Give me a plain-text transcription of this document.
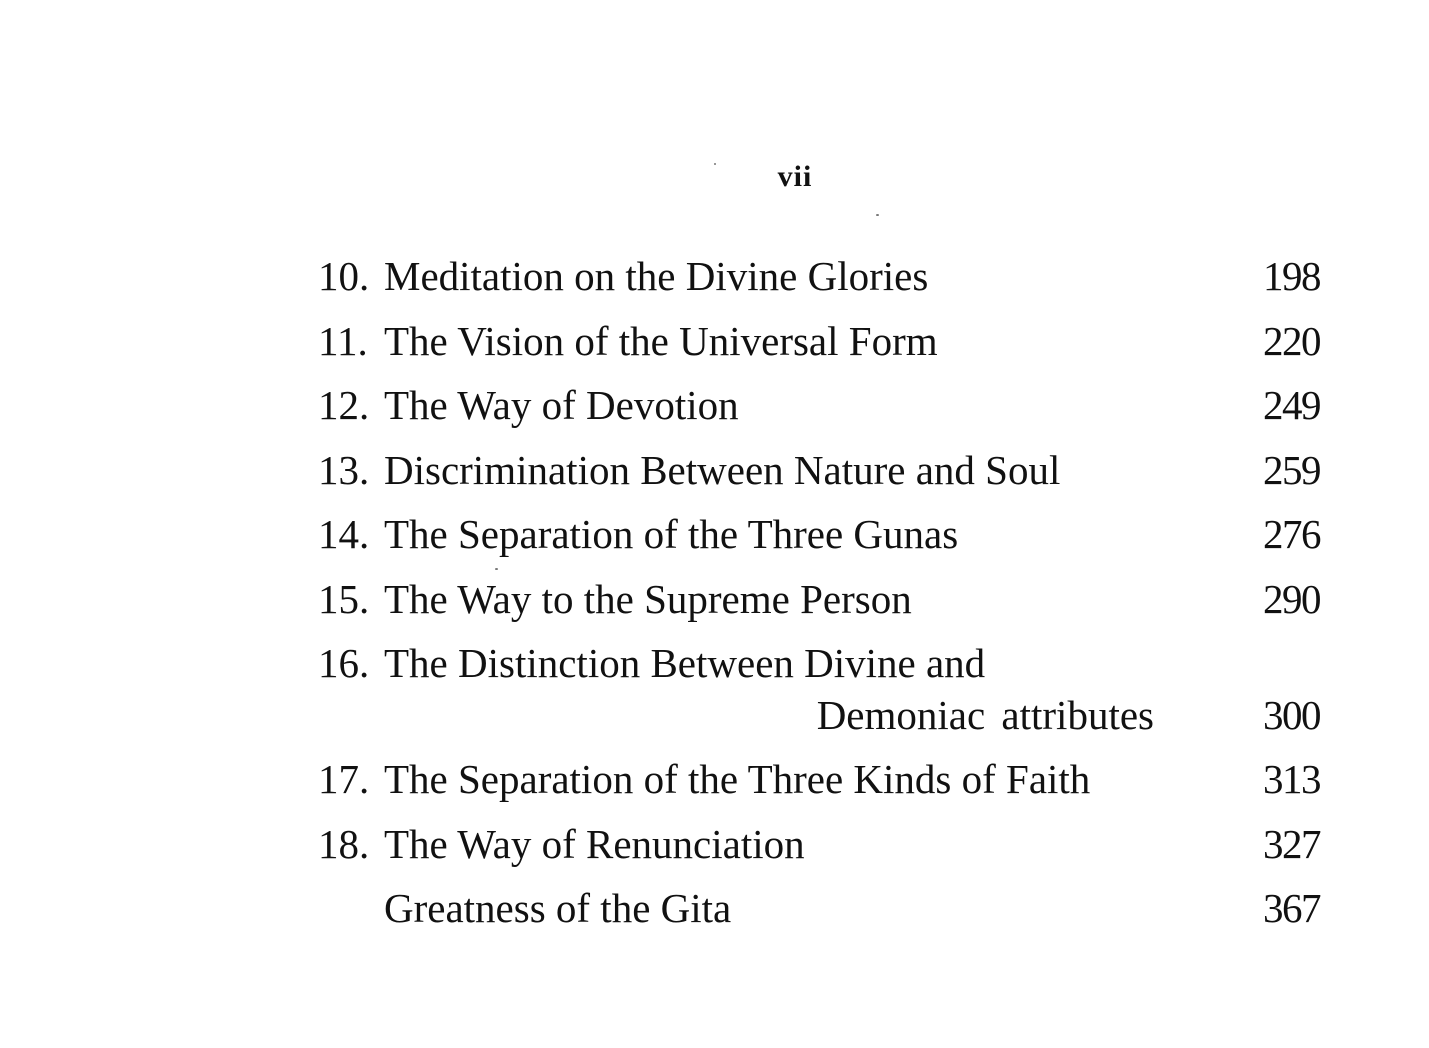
vii
10. Meditation on the Divine Glories	198
11. The Vision of the Universal Form	220
12. The Way of Devotion	249
13. Discrimination Between Nature and Soul	259
14. The Separation of the Three Gunas	276
15. The Way to the Supreme Person	290
16. The Distinction Between Divine and
Demoniac attributes	300
17. The Separation of the Three Kinds of Faith	313
18. The Way of Renunciation	327
Greatness of the Gita	367
